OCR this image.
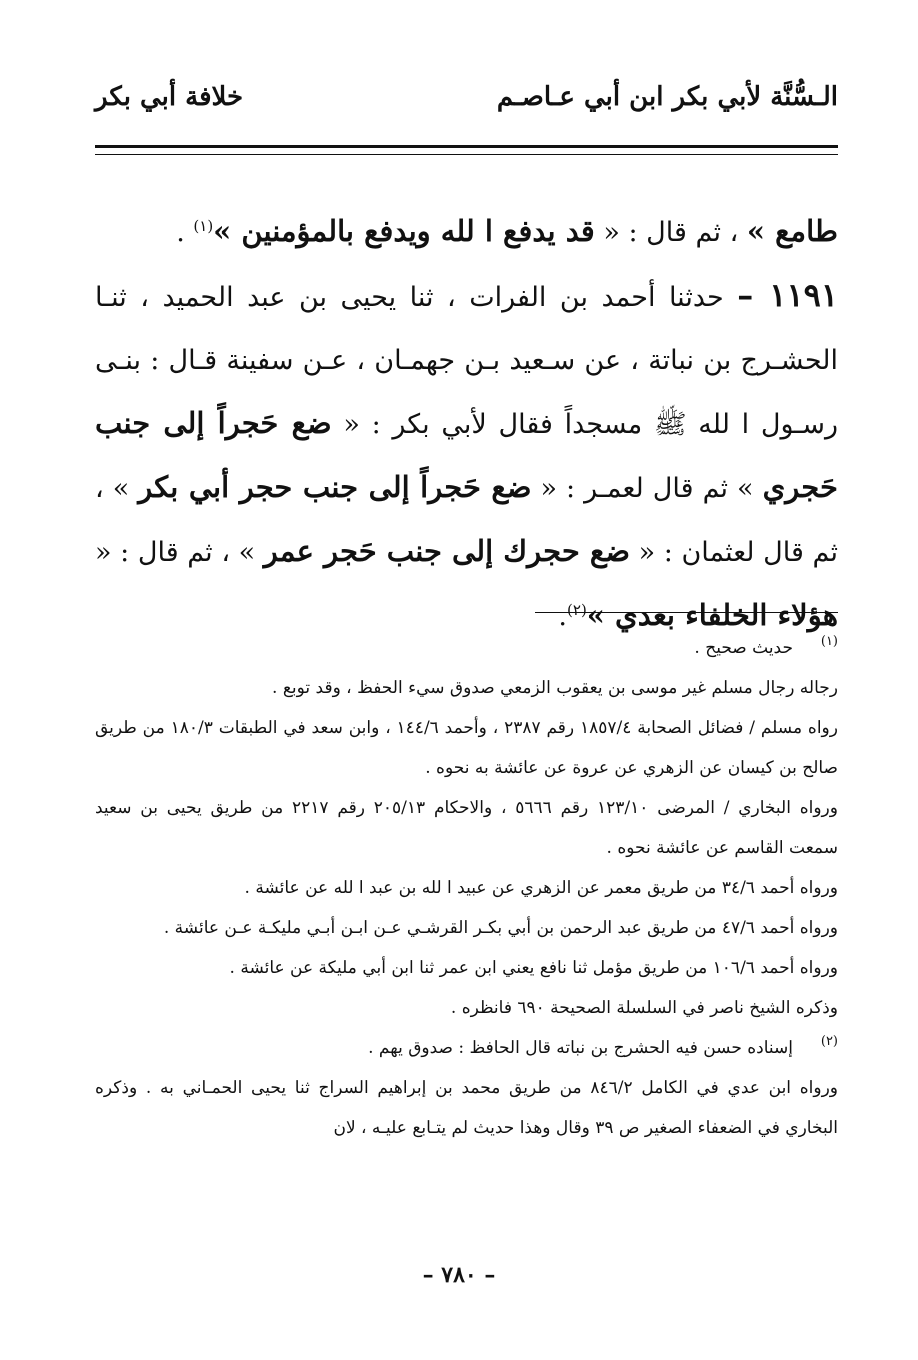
الـسُّنَّة لأبي بكر ابن أبي عـاصـم
خلافة أبي بكر

طامع » ، ثم قال : « قد يدفع ا لله ويدفع بالمؤمنين »$^{(١)}$ .

١١٩١ – حدثنا أحمد بن الفرات ، ثنا يحيى بن عبد الحميد ، ثنـا الحشـرج بن نباتة ، عن سـعيد بـن جهمـان ، عـن سفينة قـال : بنـى رسـول ا لله ﷺ مسجداً فقال لأبي بكر : « ضع حَجراً إلى جنب حَجري » ثم قال لعمـر : « ضع حَجراً إلى جنب حجر أبي بكر » ، ثم قال لعثمان : « ضع حجرك إلى جنب حَجر عمر » ، ثم قال : « هؤلاء الخلفاء بعدي »$^{(٢)}$.

(١)

حديث صحيح .

رجاله رجال مسلم غير موسى بن يعقوب الزمعي صدوق سيء الحفظ ، وقد توبع .

رواه مسلم / فضائل الصحابة ١٨٥٧/٤ رقم ٢٣٨٧ ، وأحمد ١٤٤/٦ ، وابن سعد في الطبقات ١٨٠/٣ من طريق صالح بن كيسان عن الزهري عن عروة عن عائشة به نحوه .

ورواه البخاري / المرضى ١٢٣/١٠ رقم ٥٦٦٦ ، والاحكام ٢٠٥/١٣ رقم ٢٢١٧ من طريق يحيى بن سعيد سمعت القاسم عن عائشة نحوه .

ورواه أحمد ٣٤/٦ من طريق معمر عن الزهري عن عبيد ا لله بن عبد ا لله عن عائشة .

ورواه أحمد ٤٧/٦ من طريق عبد الرحمن بن أبي بكـر القرشـي عـن ابـن أبـي مليكـة عـن عائشة .

ورواه أحمد ١٠٦/٦ من طريق مؤمل ثنا نافع يعني ابن عمر ثنا ابن أبي مليكة عن عائشة .

وذكره الشيخ ناصر في السلسلة الصحيحة ٦٩٠ فانظره .

(٢)

إسناده حسن فيه الحشرج بن نباته قال الحافظ : صدوق يهم .

ورواه ابن عدي في الكامل ٨٤٦/٢ من طريق محمد بن إبراهيم السراج ثنا يحيى الحمـاني به . وذكره البخاري في الضعفاء الصغير ص ٣٩ وقال وهذا حديث لم يتـابع عليـه ، لان

– ٧٨٠ –
